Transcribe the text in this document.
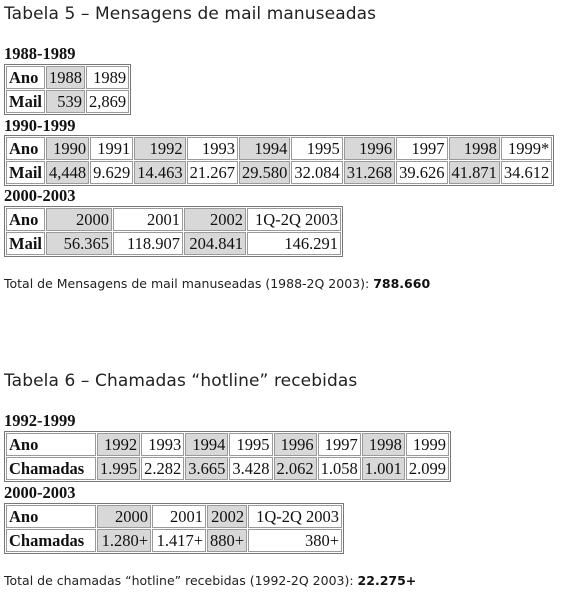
Tabela 5 – Mensagens de mail manuseadas
1988-1989
Ano	1988	1989
Mail	539	2,869
1990-1999
Ano	1990	1991	1992	1993	1994	1995	1996	1997	1998	1999*
Mail	4,448	9.629	14.463	21.267	29.580	32.084	31.268	39.626	41.871	34.612
2000-2003
Ano	2000	2001	2002	1Q-2Q 2003
Mail	56.365	118.907	204.841	146.291
Total de Mensagens de mail manuseadas (1988-2Q 2003): 788.660
Tabela 6 – Chamadas “hotline” recebidas
1992-1999
Ano	1992	1993	1994	1995	1996	1997	1998	1999
Chamadas	1.995	2.282	3.665	3.428	2.062	1.058	1.001	2.099
2000-2003
Ano	2000	2001	2002	1Q-2Q 2003
Chamadas	1.280+	1.417+	880+	380+
Total de chamadas “hotline” recebidas (1992-2Q 2003): 22.275+
